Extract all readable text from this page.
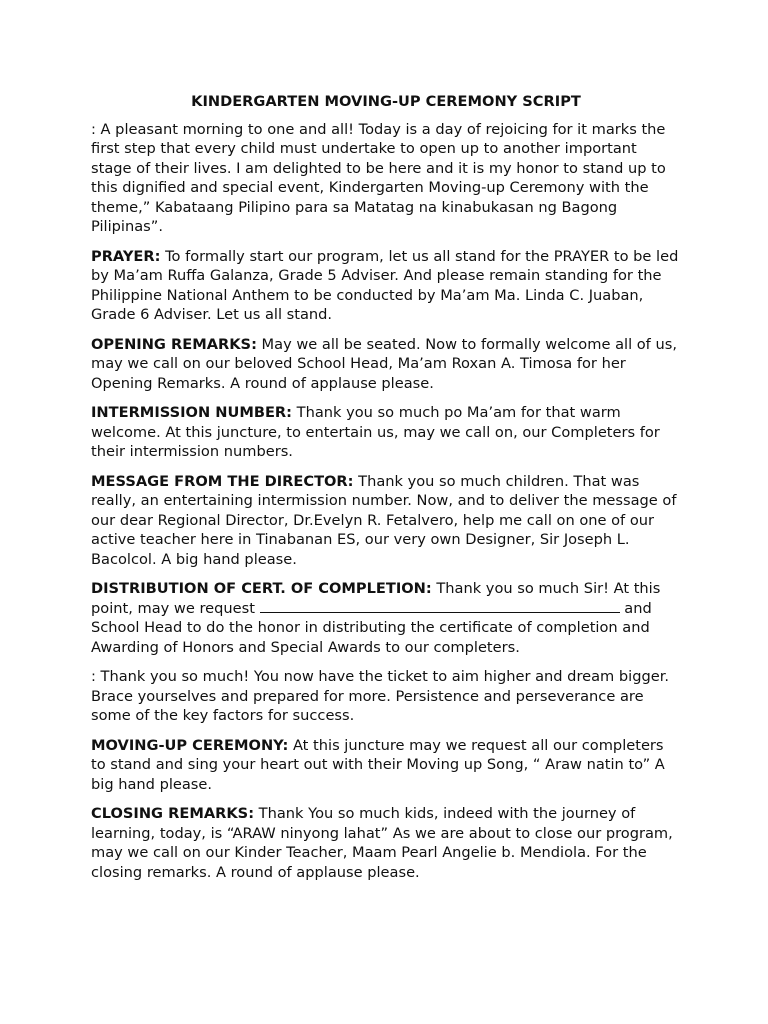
KINDERGARTEN MOVING-UP CEREMONY SCRIPT

: A pleasant morning to one and all! Today is a day of rejoicing for it marks the first step that every child must undertake to open up to another important stage of their lives. I am delighted to be here and it is my honor to stand up to this dignified and special event, Kindergarten Moving-up Ceremony with the theme,” Kabataang Pilipino para sa Matatag na kinabukasan ng Bagong Pilipinas”.

PRAYER: To formally start our program, let us all stand for the PRAYER to be led by Ma’am Ruffa Galanza, Grade 5 Adviser. And please remain standing for the Philippine National Anthem to be conducted by Ma’am Ma. Linda C. Juaban, Grade 6 Adviser. Let us all stand.

OPENING REMARKS: May we all be seated. Now to formally welcome all of us, may we call on our beloved School Head, Ma’am Roxan A. Timosa for her Opening Remarks. A round of applause please.

INTERMISSION NUMBER: Thank you so much po Ma’am for that warm welcome. At this juncture, to entertain us, may we call on, our Completers for their intermission numbers.

MESSAGE FROM THE DIRECTOR: Thank you so much children. That was really, an entertaining intermission number. Now, and to deliver the message of our dear Regional Director, Dr.Evelyn R. Fetalvero, help me call on one of our active teacher here in Tinabanan ES, our very own Designer, Sir Joseph L. Bacolcol. A big hand please.

DISTRIBUTION OF CERT. OF COMPLETION: Thank you so much Sir! At this point, may we request	and School Head to do the honor in distributing the certificate of completion and Awarding of Honors and Special Awards to our completers.

: Thank you so much! You now have the ticket to aim higher and dream bigger. Brace yourselves and prepared for more. Persistence and perseverance are some of the key factors for success.

MOVING-UP CEREMONY: At this juncture may we request all our completers to stand and sing your heart out with their Moving up Song, “ Araw natin to” A big hand please.

CLOSING REMARKS: Thank You so much kids, indeed with the journey of learning, today, is “ARAW ninyong lahat” As we are about to close our program, may we call on our Kinder Teacher, Maam Pearl Angelie b. Mendiola. For the closing remarks. A round of applause please.
